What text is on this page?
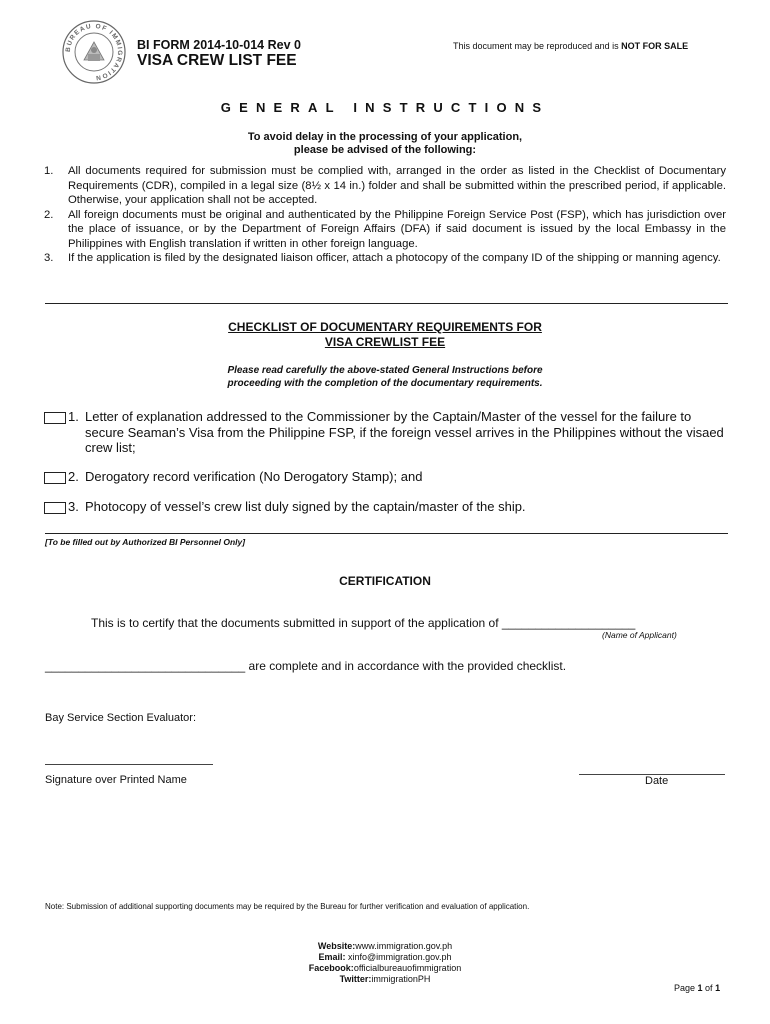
BUREAU OF IMMIGRATION
BI FORM 2014-10-014 Rev 0
VISA CREW LIST FEE
This document may be reproduced and is NOT FOR SALE
GENERAL INSTRUCTIONS
To avoid delay in the processing of your application,
please be advised of the following:
1. All documents required for submission must be complied with, arranged in the order as listed in the Checklist of Documentary Requirements (CDR), compiled in a legal size (8½ x 14 in.) folder and shall be submitted within the prescribed period, if applicable. Otherwise, your application shall not be accepted.
2. All foreign documents must be original and authenticated by the Philippine Foreign Service Post (FSP), which has jurisdiction over the place of issuance, or by the Department of Foreign Affairs (DFA) if said document is issued by the local Embassy in the Philippines with English translation if written in other foreign language.
3. If the application is filed by the designated liaison officer, attach a photocopy of the company ID of the shipping or manning agency.
CHECKLIST OF DOCUMENTARY REQUIREMENTS FOR
VISA CREWLIST FEE
Please read carefully the above-stated General Instructions before
proceeding with the completion of the documentary requirements.
1. Letter of explanation addressed to the Commissioner by the Captain/Master of the vessel for the failure to secure Seaman’s Visa from the Philippine FSP, if the foreign vessel arrives in the Philippines without the visaed crew list;
2. Derogatory record verification (No Derogatory Stamp); and
3. Photocopy of vessel’s crew list duly signed by the captain/master of the ship.
[To be filled out by Authorized BI Personnel Only]
CERTIFICATION
This is to certify that the documents submitted in support of the application of ____________________
(Name of Applicant)
______________________________ are complete and in accordance with the provided checklist.
Bay Service Section Evaluator:
Signature over Printed Name	Date
Note: Submission of additional supporting documents may be required by the Bureau for further verification and evaluation of application.
Website:www.immigration.gov.ph
Email: xinfo@immigration.gov.ph
Facebook:officialbureauofimmigration
Twitter:immigrationPH
Page 1 of 1
